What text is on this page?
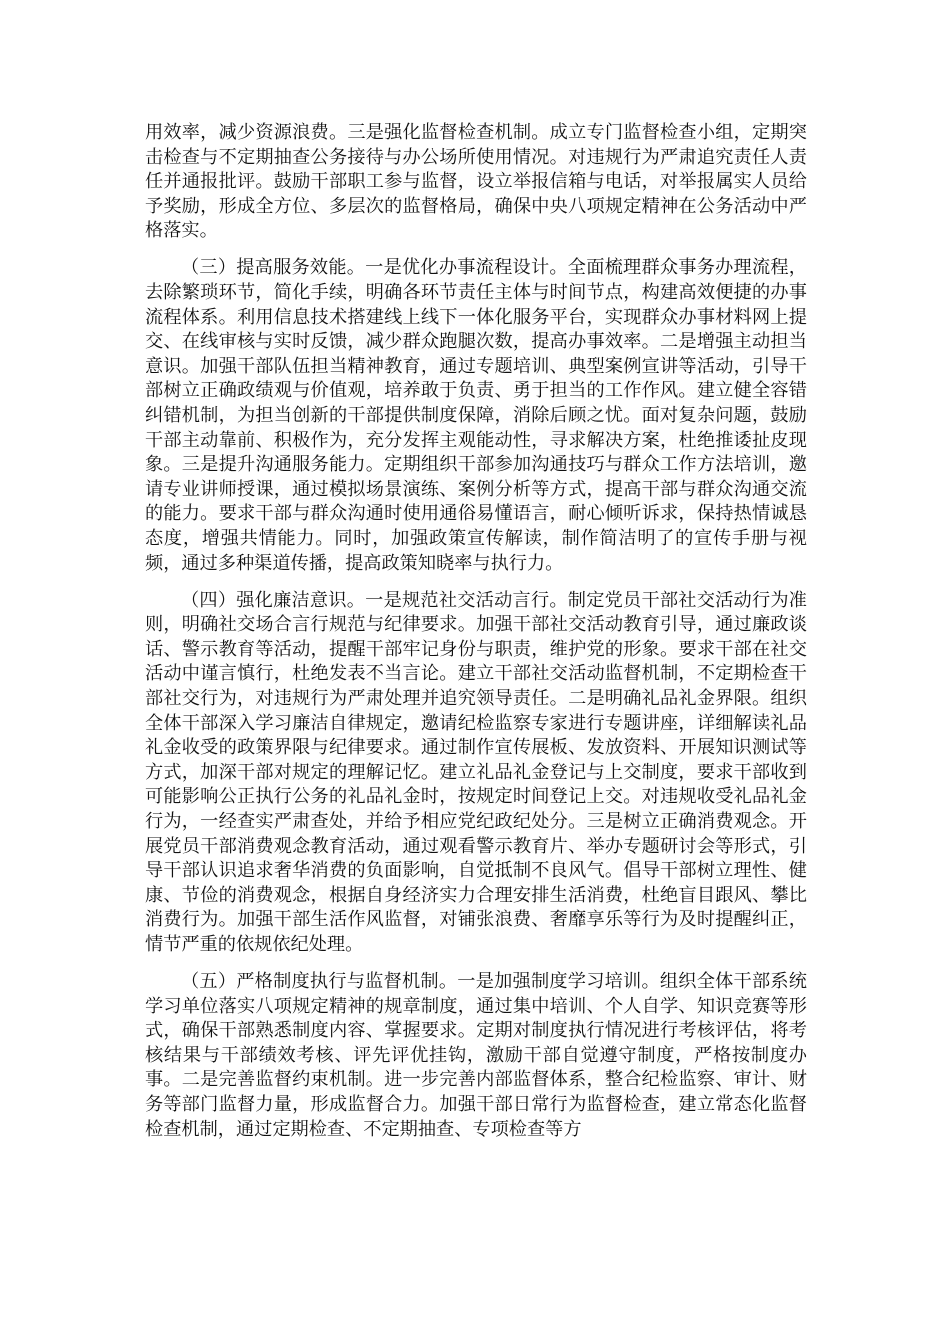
用效率，减少资源浪费。三是强化监督检查机制。成立专门监督检查小组，定期突击检查与不定期抽查公务接待与办公场所使用情况。对违规行为严肃追究责任人责任并通报批评。鼓励干部职工参与监督，设立举报信箱与电话，对举报属实人员给予奖励，形成全方位、多层次的监督格局，确保中央八项规定精神在公务活动中严格落实。

（三）提高服务效能。一是优化办事流程设计。全面梳理群众事务办理流程，去除繁琐环节，简化手续，明确各环节责任主体与时间节点，构建高效便捷的办事流程体系。利用信息技术搭建线上线下一体化服务平台，实现群众办事材料网上提交、在线审核与实时反馈，减少群众跑腿次数，提高办事效率。二是增强主动担当意识。加强干部队伍担当精神教育，通过专题培训、典型案例宣讲等活动，引导干部树立正确政绩观与价值观，培养敢于负责、勇于担当的工作作风。建立健全容错纠错机制，为担当创新的干部提供制度保障，消除后顾之忧。面对复杂问题，鼓励干部主动靠前、积极作为，充分发挥主观能动性，寻求解决方案，杜绝推诿扯皮现象。三是提升沟通服务能力。定期组织干部参加沟通技巧与群众工作方法培训，邀请专业讲师授课，通过模拟场景演练、案例分析等方式，提高干部与群众沟通交流的能力。要求干部与群众沟通时使用通俗易懂语言，耐心倾听诉求，保持热情诚恳态度，增强共情能力。同时，加强政策宣传解读，制作简洁明了的宣传手册与视频，通过多种渠道传播，提高政策知晓率与执行力。

（四）强化廉洁意识。一是规范社交活动言行。制定党员干部社交活动行为准则，明确社交场合言行规范与纪律要求。加强干部社交活动教育引导，通过廉政谈话、警示教育等活动，提醒干部牢记身份与职责，维护党的形象。要求干部在社交活动中谨言慎行，杜绝发表不当言论。建立干部社交活动监督机制，不定期检查干部社交行为，对违规行为严肃处理并追究领导责任。二是明确礼品礼金界限。组织全体干部深入学习廉洁自律规定，邀请纪检监察专家进行专题讲座，详细解读礼品礼金收受的政策界限与纪律要求。通过制作宣传展板、发放资料、开展知识测试等方式，加深干部对规定的理解记忆。建立礼品礼金登记与上交制度，要求干部收到可能影响公正执行公务的礼品礼金时，按规定时间登记上交。对违规收受礼品礼金行为，一经查实严肃查处，并给予相应党纪政纪处分。三是树立正确消费观念。开展党员干部消费观念教育活动，通过观看警示教育片、举办专题研讨会等形式，引导干部认识追求奢华消费的负面影响，自觉抵制不良风气。倡导干部树立理性、健康、节俭的消费观念，根据自身经济实力合理安排生活消费，杜绝盲目跟风、攀比消费行为。加强干部生活作风监督，对铺张浪费、奢靡享乐等行为及时提醒纠正，情节严重的依规依纪处理。

（五）严格制度执行与监督机制。一是加强制度学习培训。组织全体干部系统学习单位落实八项规定精神的规章制度，通过集中培训、个人自学、知识竞赛等形式，确保干部熟悉制度内容、掌握要求。定期对制度执行情况进行考核评估，将考核结果与干部绩效考核、评先评优挂钩，激励干部自觉遵守制度，严格按制度办事。二是完善监督约束机制。进一步完善内部监督体系，整合纪检监察、审计、财务等部门监督力量，形成监督合力。加强干部日常行为监督检查，建立常态化监督检查机制，通过定期检查、不定期抽查、专项检查等方
